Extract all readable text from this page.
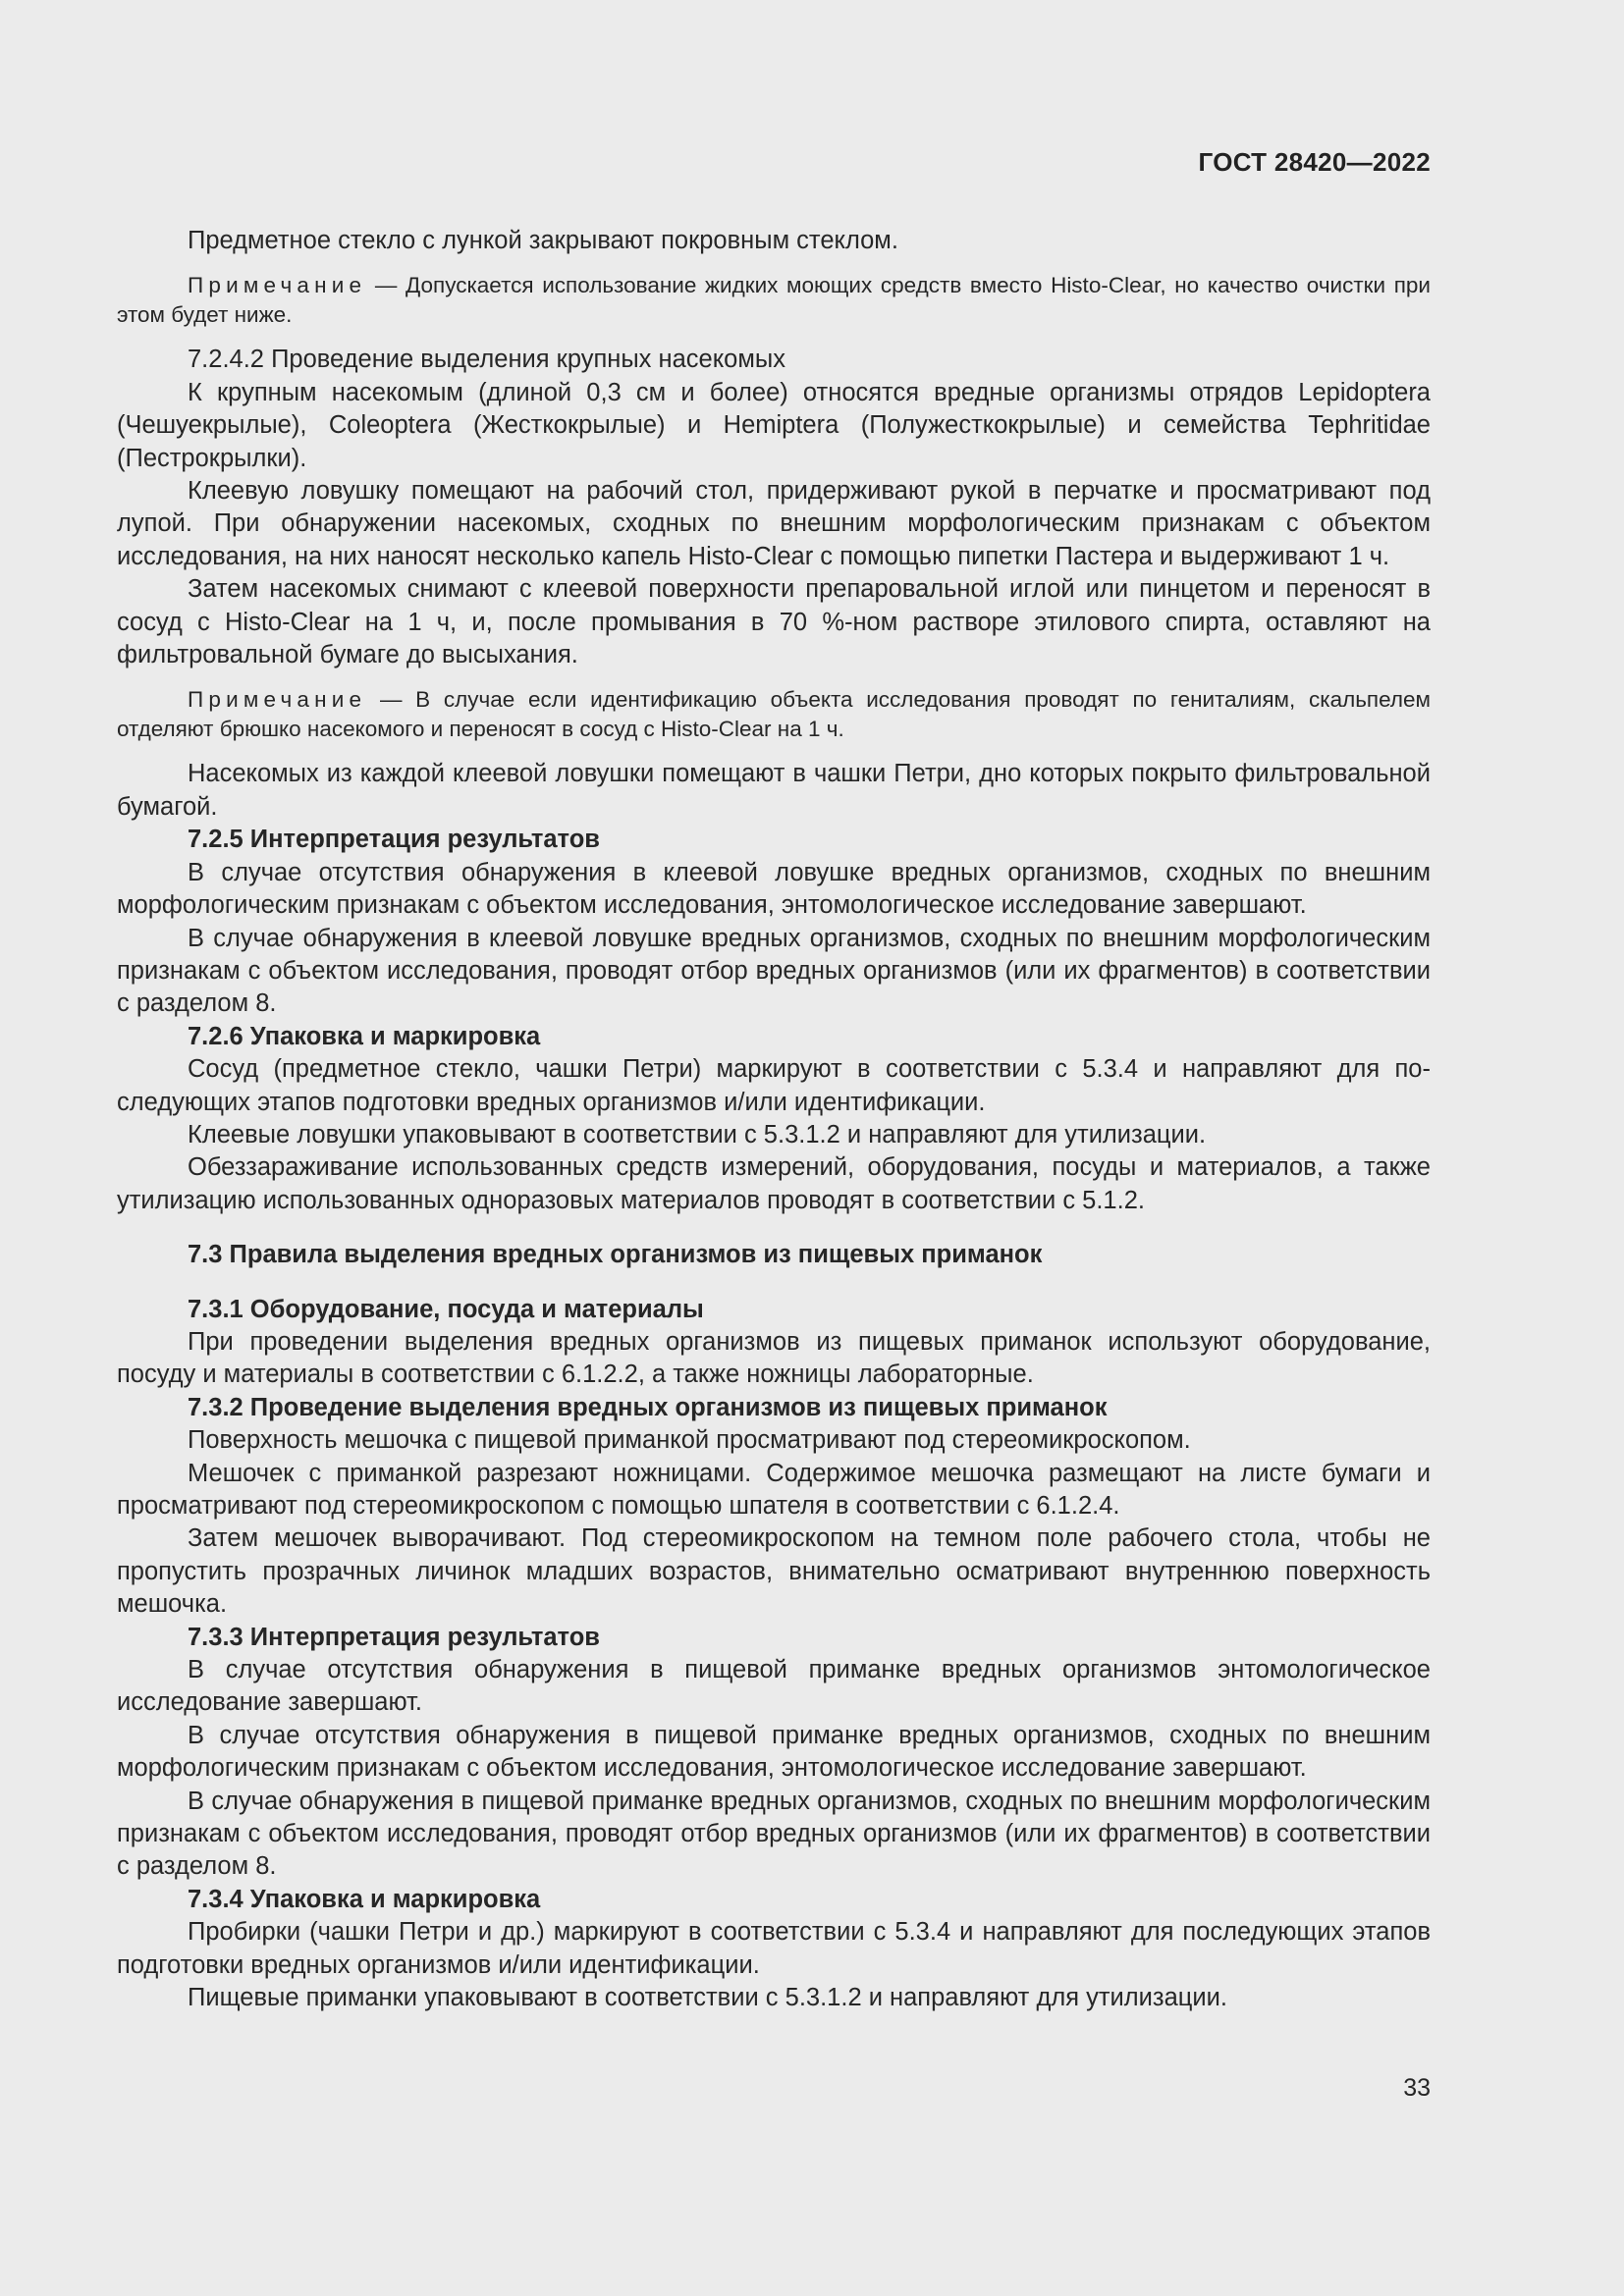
ГОСТ 28420—2022

Предметное стекло с лункой закрывают покровным стеклом.

Примечание — Допускается использование жидких моющих средств вместо Histo-Clear, но качество очистки при этом будет ниже.

7.2.4.2 Проведение выделения крупных насекомых

К крупным насекомым (длиной 0,3 см и более) относятся вредные организмы отрядов Lepidoptera (Чешуекрылые), Coleoptera (Жесткокрылые) и Hemiptera (Полужесткокрылые) и семейства Tephritidae (Пестрокрылки).

Клеевую ловушку помещают на рабочий стол, придерживают рукой в перчатке и просматривают под лупой. При обнаружении насекомых, сходных по внешним морфологическим признакам с объектом исследования, на них наносят несколько капель Histo-Clear с помощью пипетки Пастера и выдерживают 1 ч.

Затем насекомых снимают с клеевой поверхности препаровальной иглой или пинцетом и переносят в сосуд с Histo-Clear на 1 ч, и, после промывания в 70 %-ном растворе этилового спирта, оставляют на фильтровальной бумаге до высыхания.

Примечание — В случае если идентификацию объекта исследования проводят по гениталиям, скальпелем отделяют брюшко насекомого и переносят в сосуд с Histo-Clear на 1 ч.

Насекомых из каждой клеевой ловушки помещают в чашки Петри, дно которых покрыто фильтровальной бумагой.

7.2.5 Интерпретация результатов

В случае отсутствия обнаружения в клеевой ловушке вредных организмов, сходных по внешним морфологическим признакам с объектом исследования, энтомологическое исследование завершают.

В случае обнаружения в клеевой ловушке вредных организмов, сходных по внешним морфологическим признакам с объектом исследования, проводят отбор вредных организмов (или их фрагментов) в соответствии с разделом 8.

7.2.6 Упаковка и маркировка

Сосуд (предметное стекло, чашки Петри) маркируют в соответствии с 5.3.4 и направляют для последующих этапов подготовки вредных организмов и/или идентификации.

Клеевые ловушки упаковывают в соответствии с 5.3.1.2 и направляют для утилизации.

Обеззараживание использованных средств измерений, оборудования, посуды и материалов, а также утилизацию использованных одноразовых материалов проводят в соответствии с 5.1.2.

7.3 Правила выделения вредных организмов из пищевых приманок

7.3.1 Оборудование, посуда и материалы

При проведении выделения вредных организмов из пищевых приманок используют оборудование, посуду и материалы в соответствии с 6.1.2.2, а также ножницы лабораторные.

7.3.2 Проведение выделения вредных организмов из пищевых приманок

Поверхность мешочка с пищевой приманкой просматривают под стереомикроскопом.

Мешочек с приманкой разрезают ножницами. Содержимое мешочка размещают на листе бумаги и просматривают под стереомикроскопом с помощью шпателя в соответствии с 6.1.2.4.

Затем мешочек выворачивают. Под стереомикроскопом на темном поле рабочего стола, чтобы не пропустить прозрачных личинок младших возрастов, внимательно осматривают внутреннюю поверхность мешочка.

7.3.3 Интерпретация результатов

В случае отсутствия обнаружения в пищевой приманке вредных организмов энтомологическое исследование завершают.

В случае отсутствия обнаружения в пищевой приманке вредных организмов, сходных по внешним морфологическим признакам с объектом исследования, энтомологическое исследование завершают.

В случае обнаружения в пищевой приманке вредных организмов, сходных по внешним морфологическим признакам с объектом исследования, проводят отбор вредных организмов (или их фрагментов) в соответствии с разделом 8.

7.3.4 Упаковка и маркировка

Пробирки (чашки Петри и др.) маркируют в соответствии с 5.3.4 и направляют для последующих этапов подготовки вредных организмов и/или идентификации.

Пищевые приманки упаковывают в соответствии с 5.3.1.2 и направляют для утилизации.

33
